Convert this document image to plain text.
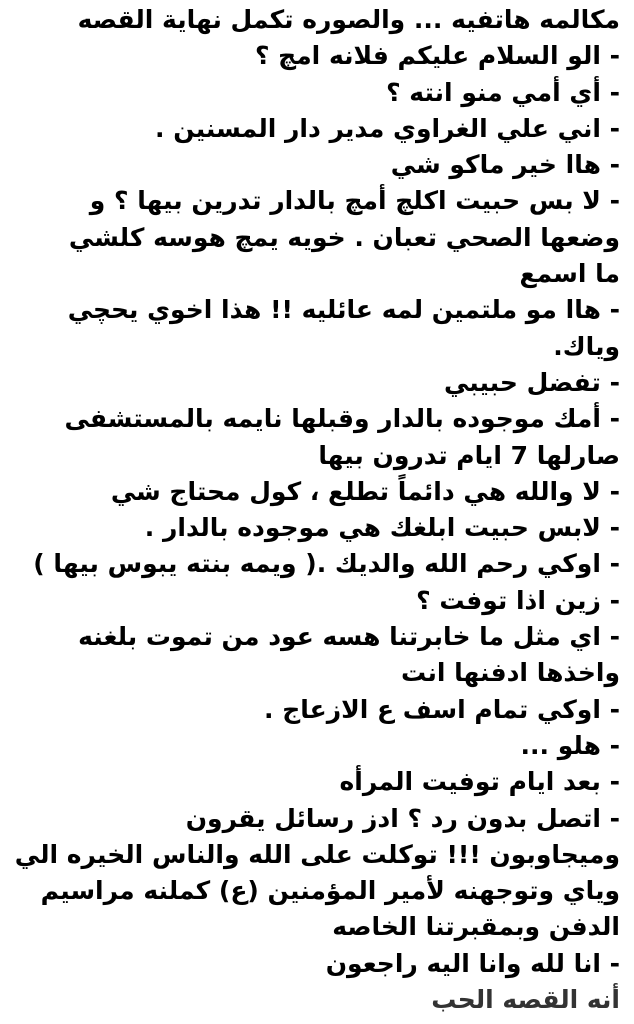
مكالمه هاتفيه ... والصوره تكمل نهاية القصه

- الو السلام عليكم فلانه امچ ؟

- أي أمي منو انته ؟

- اني علي الغراوي مدير دار المسنين .

- هاا خير ماكو شي

- لا بس حبيت اكلچ أمچ بالدار تدرين بيها ؟ و

وضعها الصحي تعبان . خويه يمچ هوسه كلشي

ما اسمع

- هاا مو ملتمين لمه عائليه !! هذا اخوي يحچي

وياك.

- تفضل حبيبي

- أمك موجوده بالدار وقبلها نايمه بالمستشفى

صارلها 7 ايام تدرون بيها

- لا والله هي دائماً تطلع ، كول محتاج شي

- لابس حبيت ابلغك هي موجوده بالدار .

- اوكي رحم الله والديك .( ويمه بنته يبوس بيها )

- زين اذا توفت ؟

- اي مثل ما خابرتنا هسه عود من تموت بلغنه

واخذها ادفنها انت

- اوكي تمام اسف ع الازعاج .

- هلو ...

- بعد ايام توفيت المرأه

- اتصل بدون رد ؟ ادز رسائل يقرون

وميجاوبون !!! توكلت على الله والناس الخيره الي

وياي وتوجهنه لأمير المؤمنين (ع) كملنه مراسيم

الدفن وبمقبرتنا الخاصه

- انا لله وانا اليه راجعون

أنه القصه الحب
